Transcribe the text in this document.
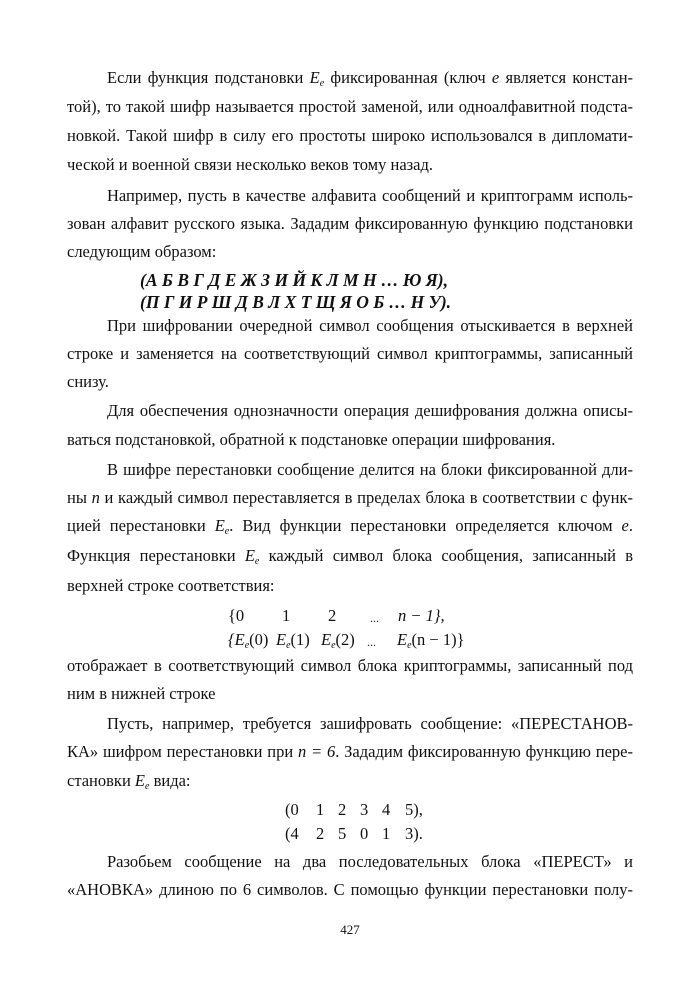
Если функция подстановки Ee фиксированная (ключ e является констан-
той), то такой шифр называется простой заменой, или одноалфавитной подста-
новкой. Такой шифр в силу его простоты широко использовался в дипломати-
ческой и военной связи несколько веков тому назад.
Например, пусть в качестве алфавита сообщений и криптограмм исполь-
зован алфавит русского языка. Зададим фиксированную функцию подстановки
следующим образом:
(А Б В Г Д Е Ж З И Й К Л М Н … Ю Я),
(П Г И Р Ш Д В Л Х Т Щ Я О Б … Н У).
При шифровании очередной символ сообщения отыскивается в верхней
строке и заменяется на соответствующий символ криптограммы, записанный
снизу.
Для обеспечения однозначности операция дешифрования должна описы-
ваться подстановкой, обратной к подстановке операции шифрования.
В шифре перестановки сообщение делится на блоки фиксированной дли-
ны n и каждый символ переставляется в пределах блока в соответствии с функ-
цией перестановки Ee. Вид функции перестановки определяется ключом e.
Функция перестановки Ee каждый символ блока сообщения, записанный в
верхней строке соответствия:
{0 1 2	... n − 1},
{Ee(0) Ee(1) Ee(2) ... Ee(n − 1)}
отображает в соответствующий символ блока криптограммы, записанный под
ним в нижней строке
Пусть, например, требуется зашифровать сообщение: «ПЕРЕСТАНОВ-
КА» шифром перестановки при n = 6. Зададим фиксированную функцию пере-
становки Ee вида:
(0 1 2 3 4 5),
(4 2 5 0 1 3).
Разобьем сообщение на два последовательных блока «ПЕРЕСТ» и
«АНОВКА» длиною по 6 символов. С помощью функции перестановки полу-
427
